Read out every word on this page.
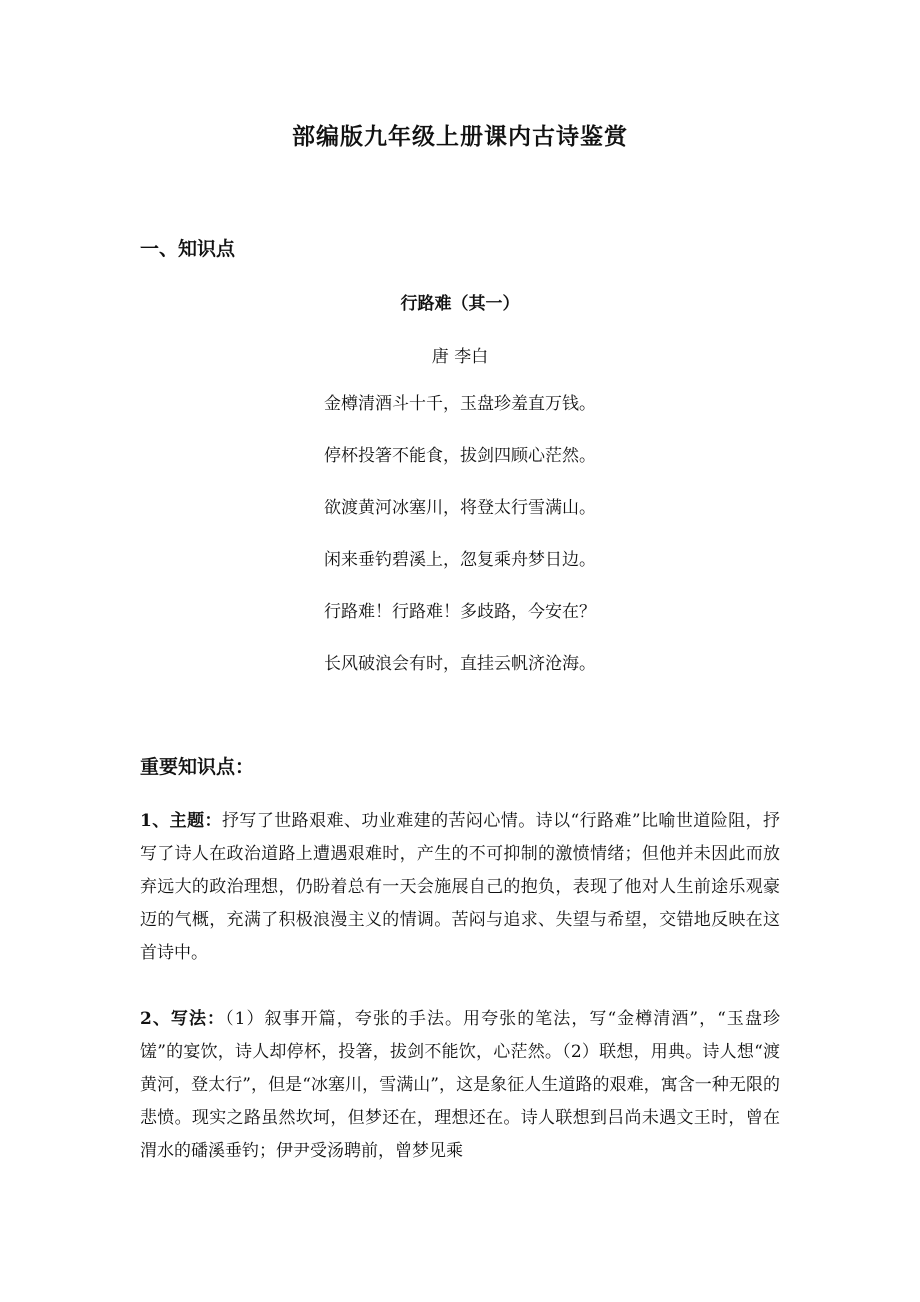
部编版九年级上册课内古诗鉴赏
一、知识点
行路难（其一）
唐 李白
金樽清酒斗十千，玉盘珍羞直万钱。
停杯投箸不能食，拔剑四顾心茫然。
欲渡黄河冰塞川，将登太行雪满山。
闲来垂钓碧溪上，忽复乘舟梦日边。
行路难！行路难！多歧路，今安在？
长风破浪会有时，直挂云帆济沧海。
重要知识点：

1、主题：抒写了世路艰难、功业难建的苦闷心情。诗以“行路难”比喻世道险阻，抒写了诗人在政治道路上遭遇艰难时，产生的不可抑制的激愤情绪；但他并未因此而放弃远大的政治理想，仍盼着总有一天会施展自己的抱负，表现了他对人生前途乐观豪迈的气概，充满了积极浪漫主义的情调。苦闷与追求、失望与希望，交错地反映在这首诗中。

2、写法：（1）叙事开篇，夸张的手法。用夸张的笔法，写“金樽清酒”，“玉盘珍馐”的宴饮，诗人却停杯，投箸，拔剑不能饮，心茫然。（2）联想，用典。诗人想“渡黄河，登太行”，但是“冰塞川，雪满山”，这是象征人生道路的艰难，寓含一种无限的悲愤。现实之路虽然坎坷，但梦还在，理想还在。诗人联想到吕尚未遇文王时，曾在渭水的磻溪垂钓；伊尹受汤聘前，曾梦见乘
